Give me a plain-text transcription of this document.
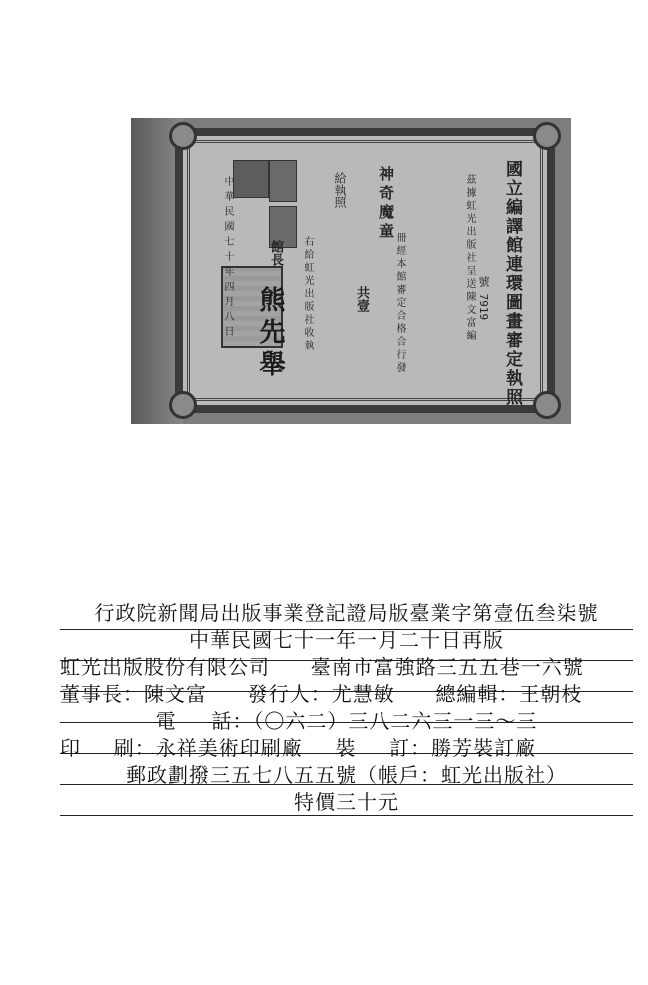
國立編譯館連環圖畫審定執照
號 7919
茲據虹光出版社呈送陳文富編
神奇魔童
冊經本館審定合格合行發
共壹
給執照
右給虹光出版社收執
館長
熊先舉
中華民國七十年四月八日
行政院新聞局出版事業登記證局版臺業字第壹伍叁柒號
中華民國七十一年一月二十日再版
虹光出版股份有限公司 臺南市富強路三五五巷一六號
董事長：陳文富 發行人：尤慧敏 總編輯：王朝枝
電 話：（〇六二）三八二六三一三～三
印 刷：永祥美術印刷廠 裝 訂：勝芳裝訂廠
郵政劃撥三五七八五五號（帳戶：虹光出版社）
特價三十元
